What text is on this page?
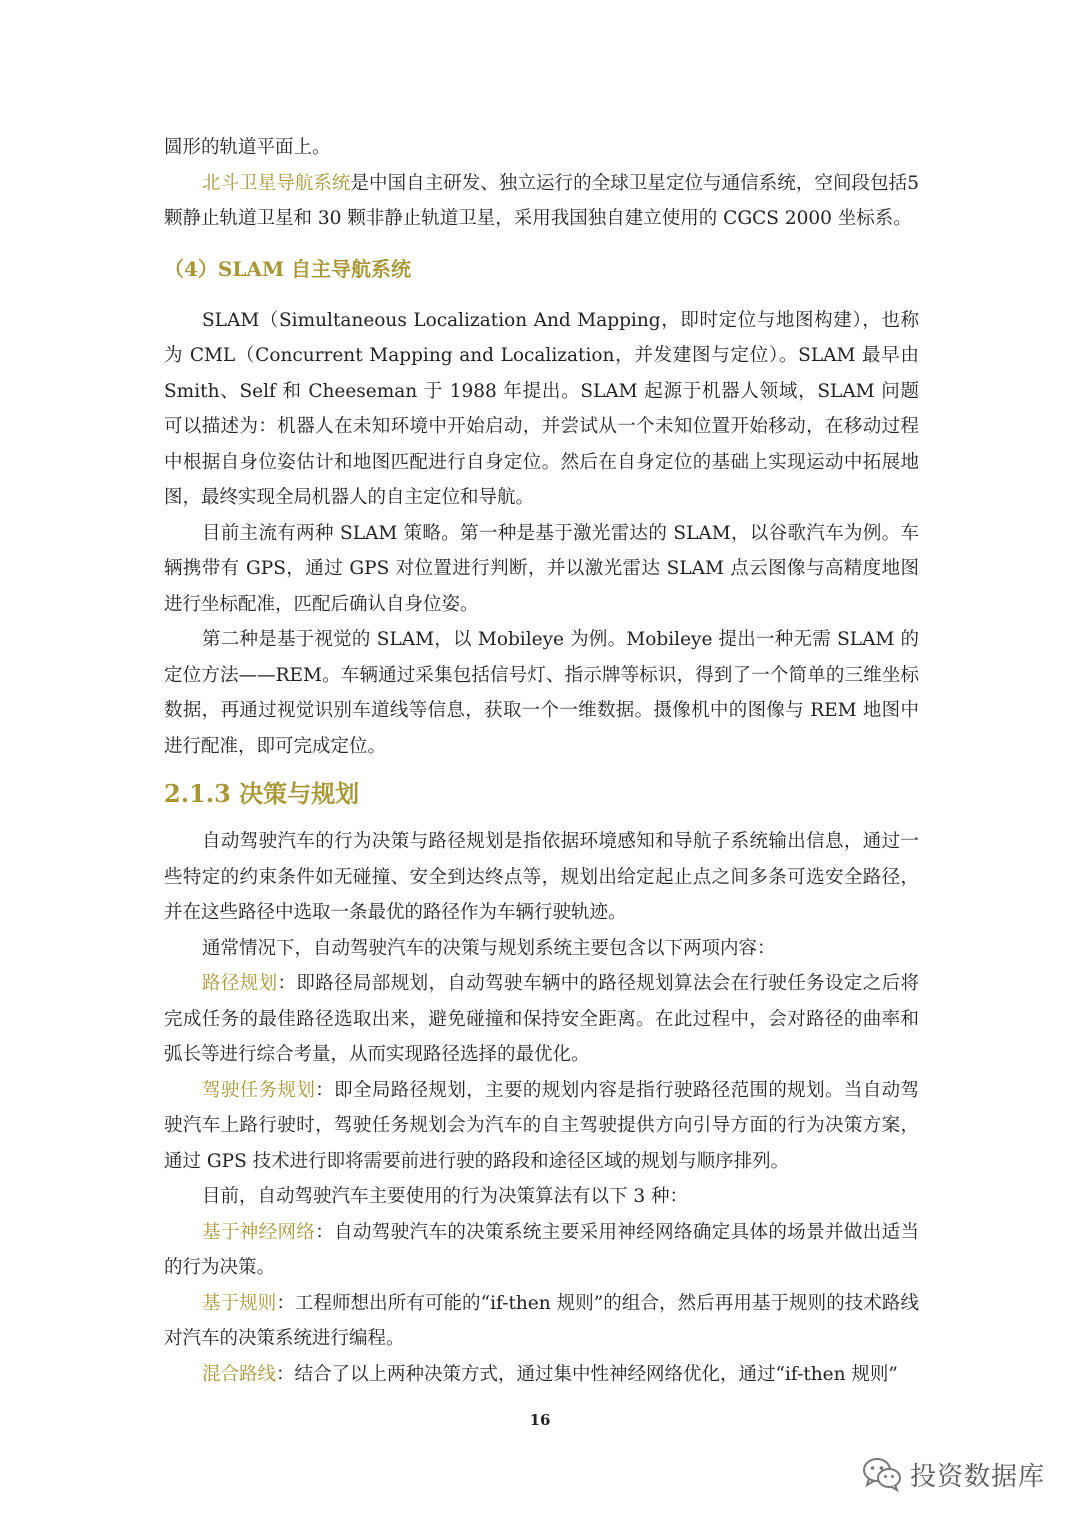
圆形的轨道平面上。

北斗卫星导航系统是中国自主研发、独立运行的全球卫星定位与通信系统，空间段包括5 颗静止轨道卫星和 30 颗非静止轨道卫星，采用我国独自建立使用的 CGCS 2000 坐标系。

（4）SLAM 自主导航系统

SLAM（Simultaneous Localization And Mapping，即时定位与地图构建），也称为 CML（Concurrent Mapping and Localization，并发建图与定位）。SLAM 最早由 Smith、Self 和 Cheeseman 于 1988 年提出。SLAM 起源于机器人领域，SLAM 问题可以描述为：机器人在未知环境中开始启动，并尝试从一个未知位置开始移动，在移动过程中根据自身位姿估计和地图匹配进行自身定位。然后在自身定位的基础上实现运动中拓展地图，最终实现全局机器人的自主定位和导航。

目前主流有两种 SLAM 策略。第一种是基于激光雷达的 SLAM，以谷歌汽车为例。车辆携带有 GPS，通过 GPS 对位置进行判断，并以激光雷达 SLAM 点云图像与高精度地图进行坐标配准，匹配后确认自身位姿。

第二种是基于视觉的 SLAM，以 Mobileye 为例。Mobileye 提出一种无需 SLAM 的定位方法——REM。车辆通过采集包括信号灯、指示牌等标识，得到了一个简单的三维坐标数据，再通过视觉识别车道线等信息，获取一个一维数据。摄像机中的图像与 REM 地图中进行配准，即可完成定位。

2.1.3 决策与规划

自动驾驶汽车的行为决策与路径规划是指依据环境感知和导航子系统输出信息，通过一些特定的约束条件如无碰撞、安全到达终点等，规划出给定起止点之间多条可选安全路径，并在这些路径中选取一条最优的路径作为车辆行驶轨迹。

通常情况下，自动驾驶汽车的决策与规划系统主要包含以下两项内容：

路径规划：即路径局部规划，自动驾驶车辆中的路径规划算法会在行驶任务设定之后将完成任务的最佳路径选取出来，避免碰撞和保持安全距离。在此过程中，会对路径的曲率和弧长等进行综合考量，从而实现路径选择的最优化。

驾驶任务规划：即全局路径规划，主要的规划内容是指行驶路径范围的规划。当自动驾驶汽车上路行驶时，驾驶任务规划会为汽车的自主驾驶提供方向引导方面的行为决策方案，通过 GPS 技术进行即将需要前进行驶的路段和途径区域的规划与顺序排列。

目前，自动驾驶汽车主要使用的行为决策算法有以下 3 种：

基于神经网络：自动驾驶汽车的决策系统主要采用神经网络确定具体的场景并做出适当的行为决策。

基于规则：工程师想出所有可能的“if-then 规则”的组合，然后再用基于规则的技术路线对汽车的决策系统进行编程。

混合路线：结合了以上两种决策方式，通过集中性神经网络优化，通过“if-then 规则”

16
投资数据库
